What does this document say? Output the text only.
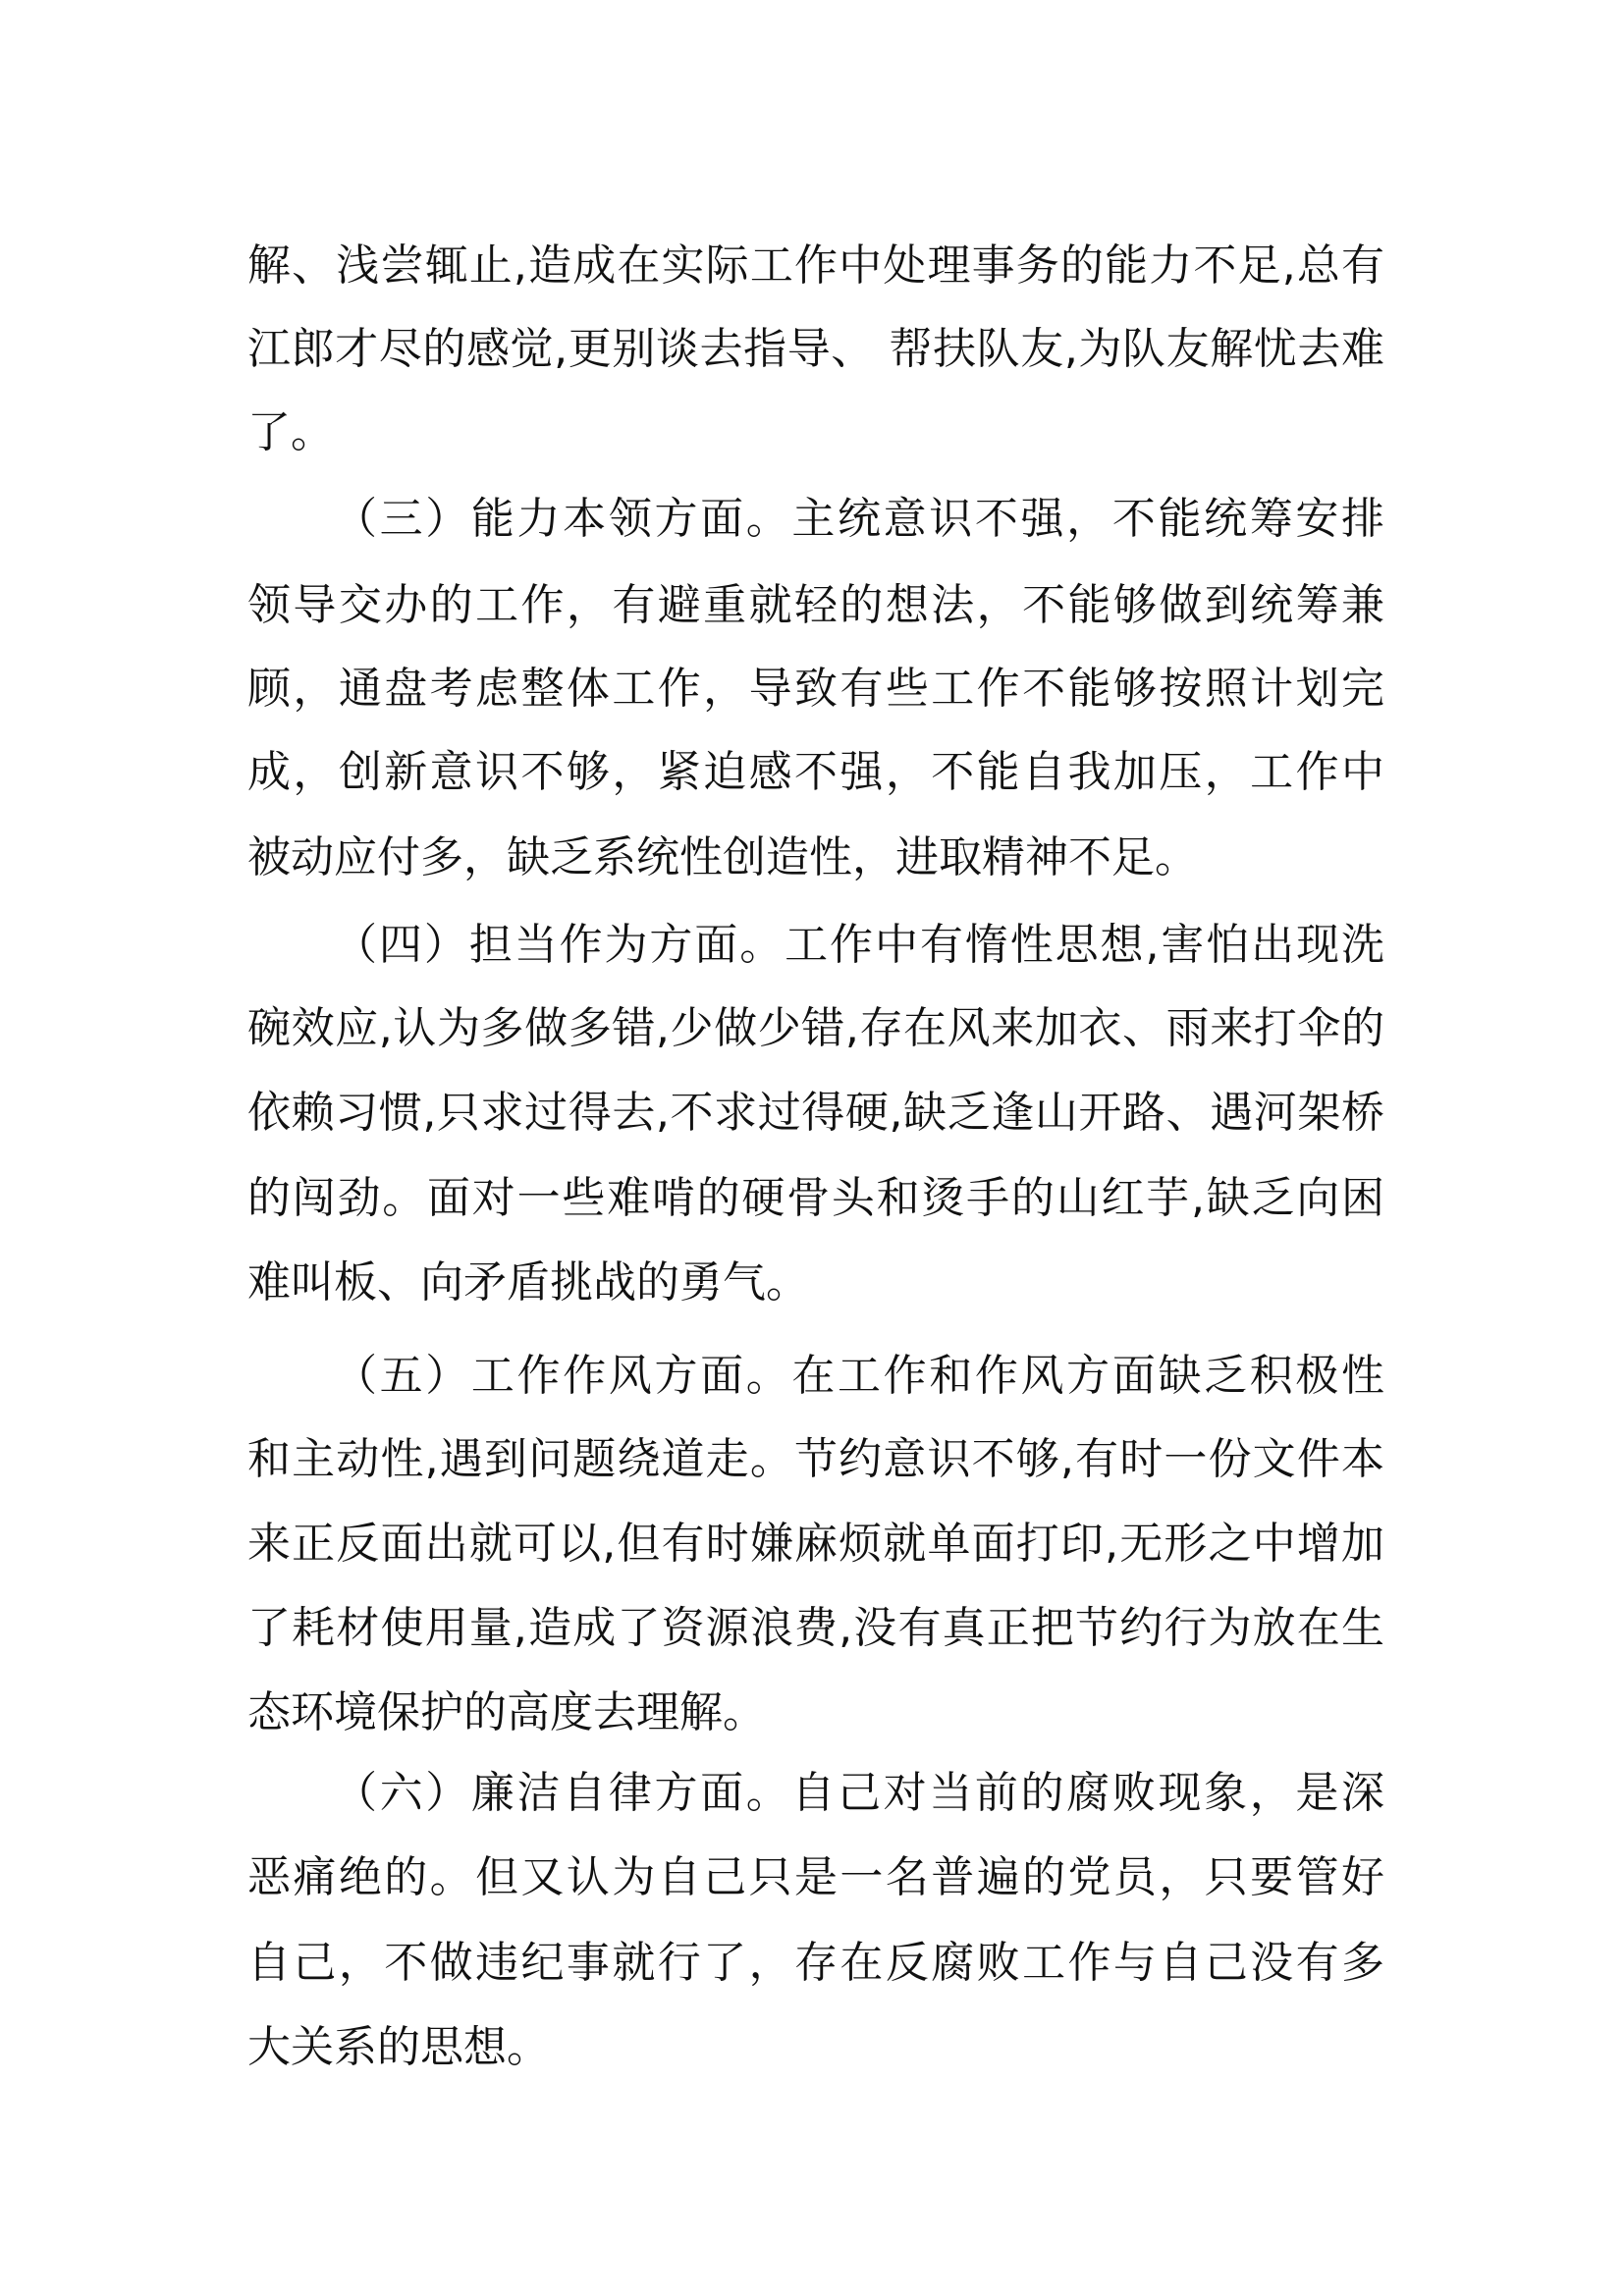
解、浅尝辄止,造成在实际工作中处理事务的能力不足,总有
江郎才尽的感觉,更别谈去指导、 帮扶队友,为队友解忧去难
了。
（三）能力本领方面。主统意识不强，不能统筹安排
领导交办的工作，有避重就轻的想法，不能够做到统筹兼
顾，通盘考虑整体工作，导致有些工作不能够按照计划完
成，创新意识不够，紧迫感不强，不能自我加压，工作中
被动应付多，缺乏系统性创造性，进取精神不足。
（四）担当作为方面。工作中有惰性思想,害怕出现洗
碗效应,认为多做多错,少做少错,存在风来加衣、雨来打伞的
依赖习惯,只求过得去,不求过得硬,缺乏逢山开路、遇河架桥
的闯劲。面对一些难啃的硬骨头和烫手的山红芋,缺乏向困
难叫板、向矛盾挑战的勇气。
（五）工作作风方面。在工作和作风方面缺乏积极性
和主动性,遇到问题绕道走。节约意识不够,有时一份文件本
来正反面出就可以,但有时嫌麻烦就单面打印,无形之中增加
了耗材使用量,造成了资源浪费,没有真正把节约行为放在生
态环境保护的高度去理解。
（六）廉洁自律方面。自己对当前的腐败现象，是深
恶痛绝的。但又认为自己只是一名普遍的党员，只要管好
自己，不做违纪事就行了，存在反腐败工作与自己没有多
大关系的思想。
